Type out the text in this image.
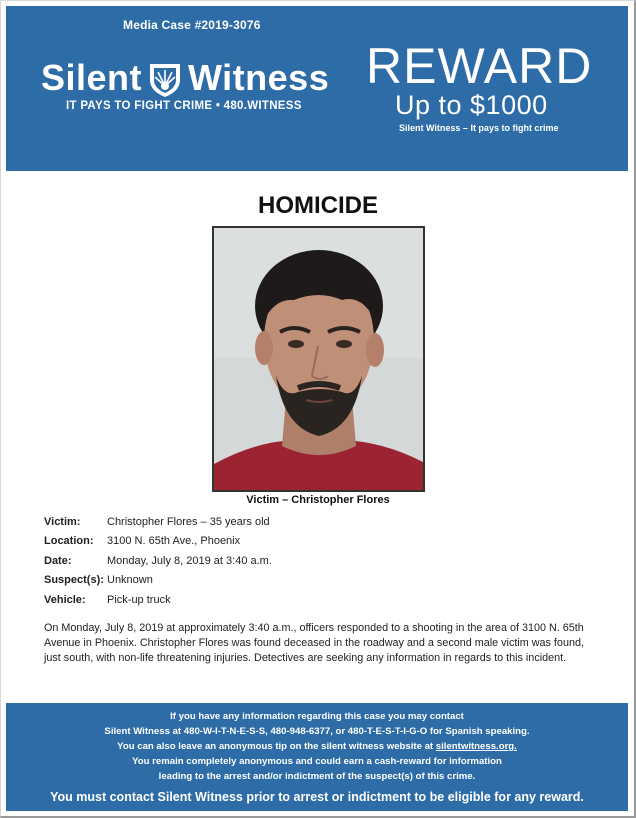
Media Case #2019-3076
Silent Witness
IT PAYS TO FIGHT CRIME • 480.WITNESS
REWARD
Up to $1000
Silent Witness – It pays to fight crime
HOMICIDE
Victim – Christopher Flores
Victim:	Christopher Flores – 35 years old
Location:	3100 N. 65th Ave., Phoenix
Date:	Monday, July 8, 2019 at 3:40 a.m.
Suspect(s): Unknown
Vehicle:	Pick-up truck
On Monday, July 8, 2019 at approximately 3:40 a.m., officers responded to a shooting in the area of 3100 N. 65th Avenue in Phoenix. Christopher Flores was found deceased in the roadway and a second male victim was found, just south, with non-life threatening injuries. Detectives are seeking any information in regards to this incident.
If you have any information regarding this case you may contact
Silent Witness at 480-W-I-T-N-E-S-S, 480-948-6377, or 480-T-E-S-T-I-G-O for Spanish speaking.
You can also leave an anonymous tip on the silent witness website at silentwitness.org.
You remain completely anonymous and could earn a cash-reward for information
leading to the arrest and/or indictment of the suspect(s) of this crime.
You must contact Silent Witness prior to arrest or indictment to be eligible for any reward.
